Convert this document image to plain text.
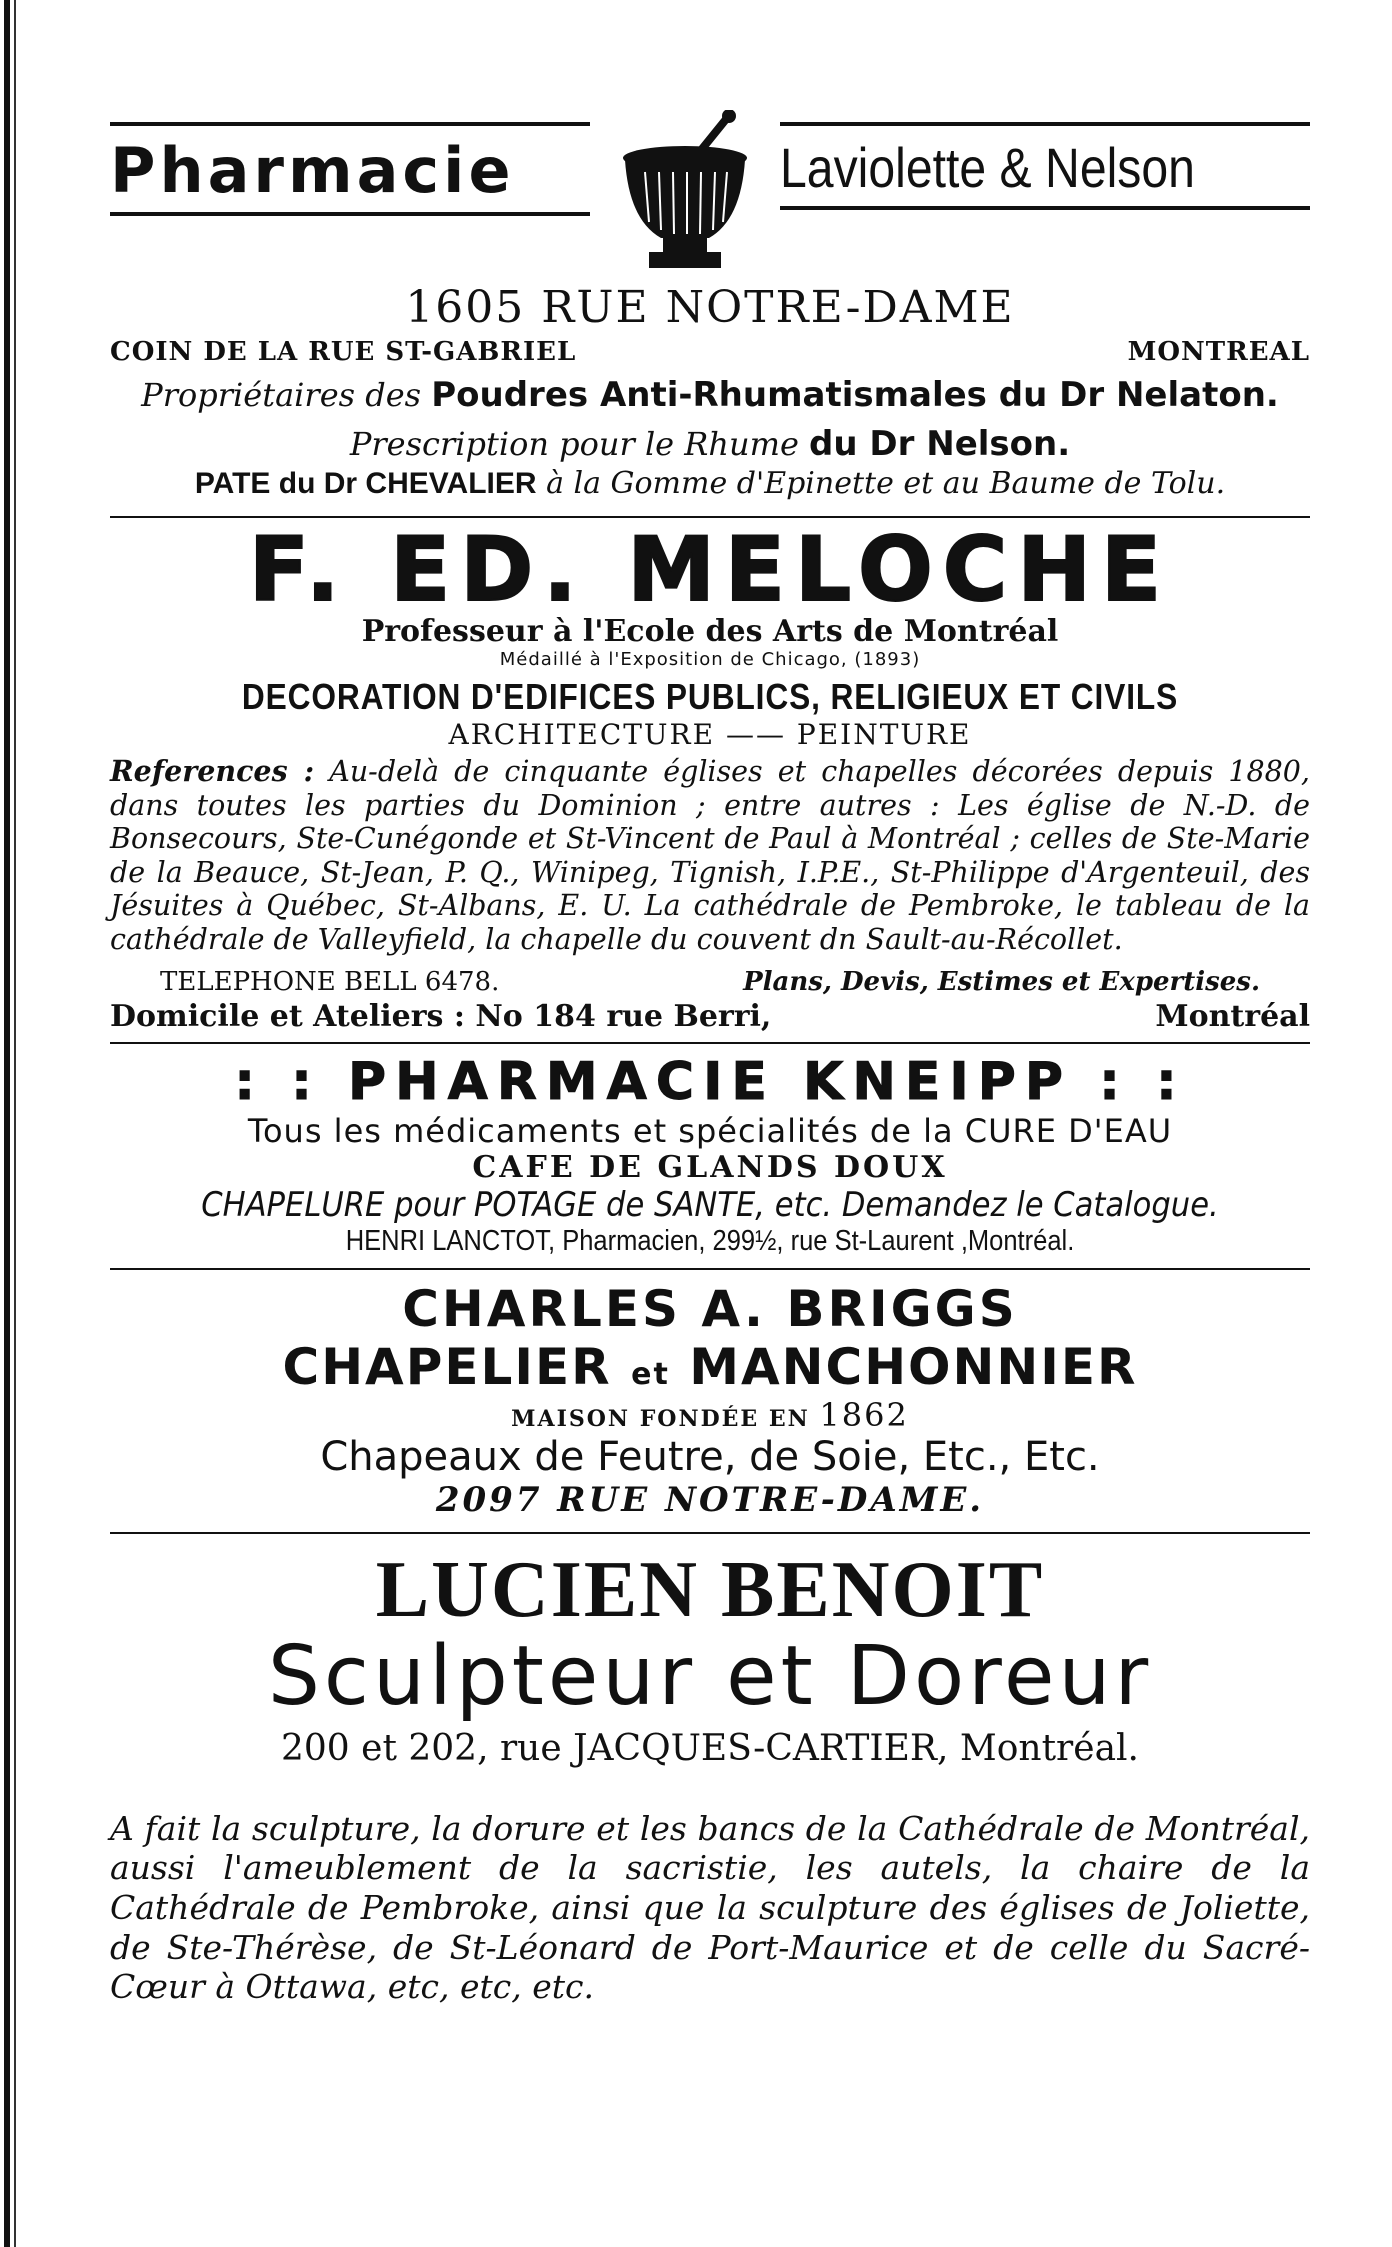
Pharmacie	Laviolette & Nelson
1605 RUE NOTRE-DAME
COIN DE LA RUE ST-GABRIEL	MONTREAL

Propriétaires des Poudres Anti-Rhumatismales du Dr Nelaton.

Prescription pour le Rhume du Dr Nelson.

PATE du Dr CHEVALIER à la Gomme d'Epinette et au Baume de Tolu.

F. ED. MELOCHE
Professeur à l'Ecole des Arts de Montréal
Médaillé à l'Exposition de Chicago, (1893)
DECORATION D'EDIFICES PUBLICS, RELIGIEUX ET CIVILS
ARCHITECTURE —— PEINTURE

References : Au-delà de cinquante églises et chapelles décorées depuis 1880, dans toutes les parties du Dominion ; entre autres : Les église de N.-D. de Bonsecours, Ste-Cunégonde et St-Vincent de Paul à Montréal ; celles de Ste-Marie de la Beauce, St-Jean, P. Q., Winipeg, Tignish, I.P.E., St-Philippe d'Argenteuil, des Jésuites à Québec, St-Albans, E. U. La cathédrale de Pembroke, le tableau de la cathédrale de Valleyfield, la chapelle du couvent dn Sault-au-Récollet.

TELEPHONE BELL 6478.	Plans, Devis, Estimes et Expertises.
Domicile et Ateliers : No 184 rue Berri,	Montréal
: : PHARMACIE KNEIPP : :
Tous les médicaments et spécialités de la CURE D'EAU
CAFE DE GLANDS DOUX
CHAPELURE pour POTAGE de SANTE, etc. Demandez le Catalogue.
HENRI LANCTOT, Pharmacien, 299½, rue St-Laurent ,Montréal.
CHARLES A. BRIGGS
CHAPELIER et MANCHONNIER
MAISON FONDÉE EN 1862
Chapeaux de Feutre, de Soie, Etc., Etc.
2097 RUE NOTRE-DAME.
LUCIEN BENOIT
Sculpteur et Doreur
200 et 202, rue JACQUES-CARTIER, Montréal.

A fait la sculpture, la dorure et les bancs de la Cathédrale de Montréal, aussi l'ameublement de la sacristie, les autels, la chaire de la Cathédrale de Pembroke, ainsi que la sculpture des églises de Joliette, de Ste-Thérèse, de St-Léonard de Port-Maurice et de celle du Sacré-Cœur à Ottawa, etc, etc, etc.
